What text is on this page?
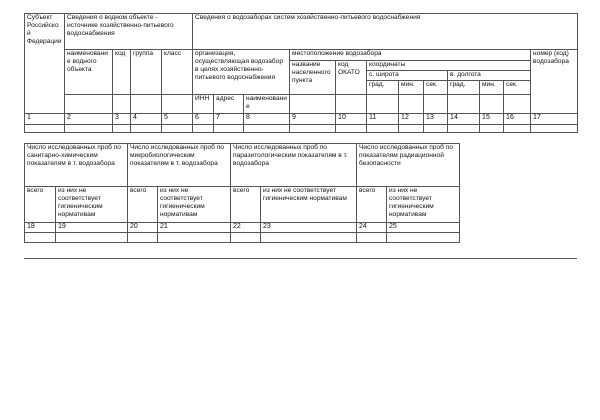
Субъект Российской Федерации	Сведения о водном объекте - источнике хозяйственно-питьевого водоснабжения				Сведения о водозаборах систем хозяйственно-питьевого водоснабжения											
	наименование водного объекта	код	группа	класс	организация, осуществляющая водозабор в целях хозяйственно-питьевого водоснабжения			местоположение водозабора								номер (код) водозабора
								название населенного пункта	код ОКАТО	координаты						
										с. широта			в. долгота			
										град.	мин.	сек.	град.	мин.	сек.	
					ИНН	адрес	наименование									
1	2	3	4	5	6	7	8	9	10	11	12	13	14	15	16	17

Число исследованных проб по санитарно-химическим показателям в т. водозабора		Число исследованных проб по микробиологическим показателям в т. водозабора		Число исследованных проб по паразитологическим показателям в т. водозабора		Число исследованных проб по показателям радиационной безопасности	
всего	из них не соответствует гигиеническим нормативам	всего	из них не соответствует гигиеническим нормативам	всего	из них не соответствует гигиеническим нормативам	всего	из них не соответствует гигиеническим нормативам
18	19	20	21	22	23	24	25
